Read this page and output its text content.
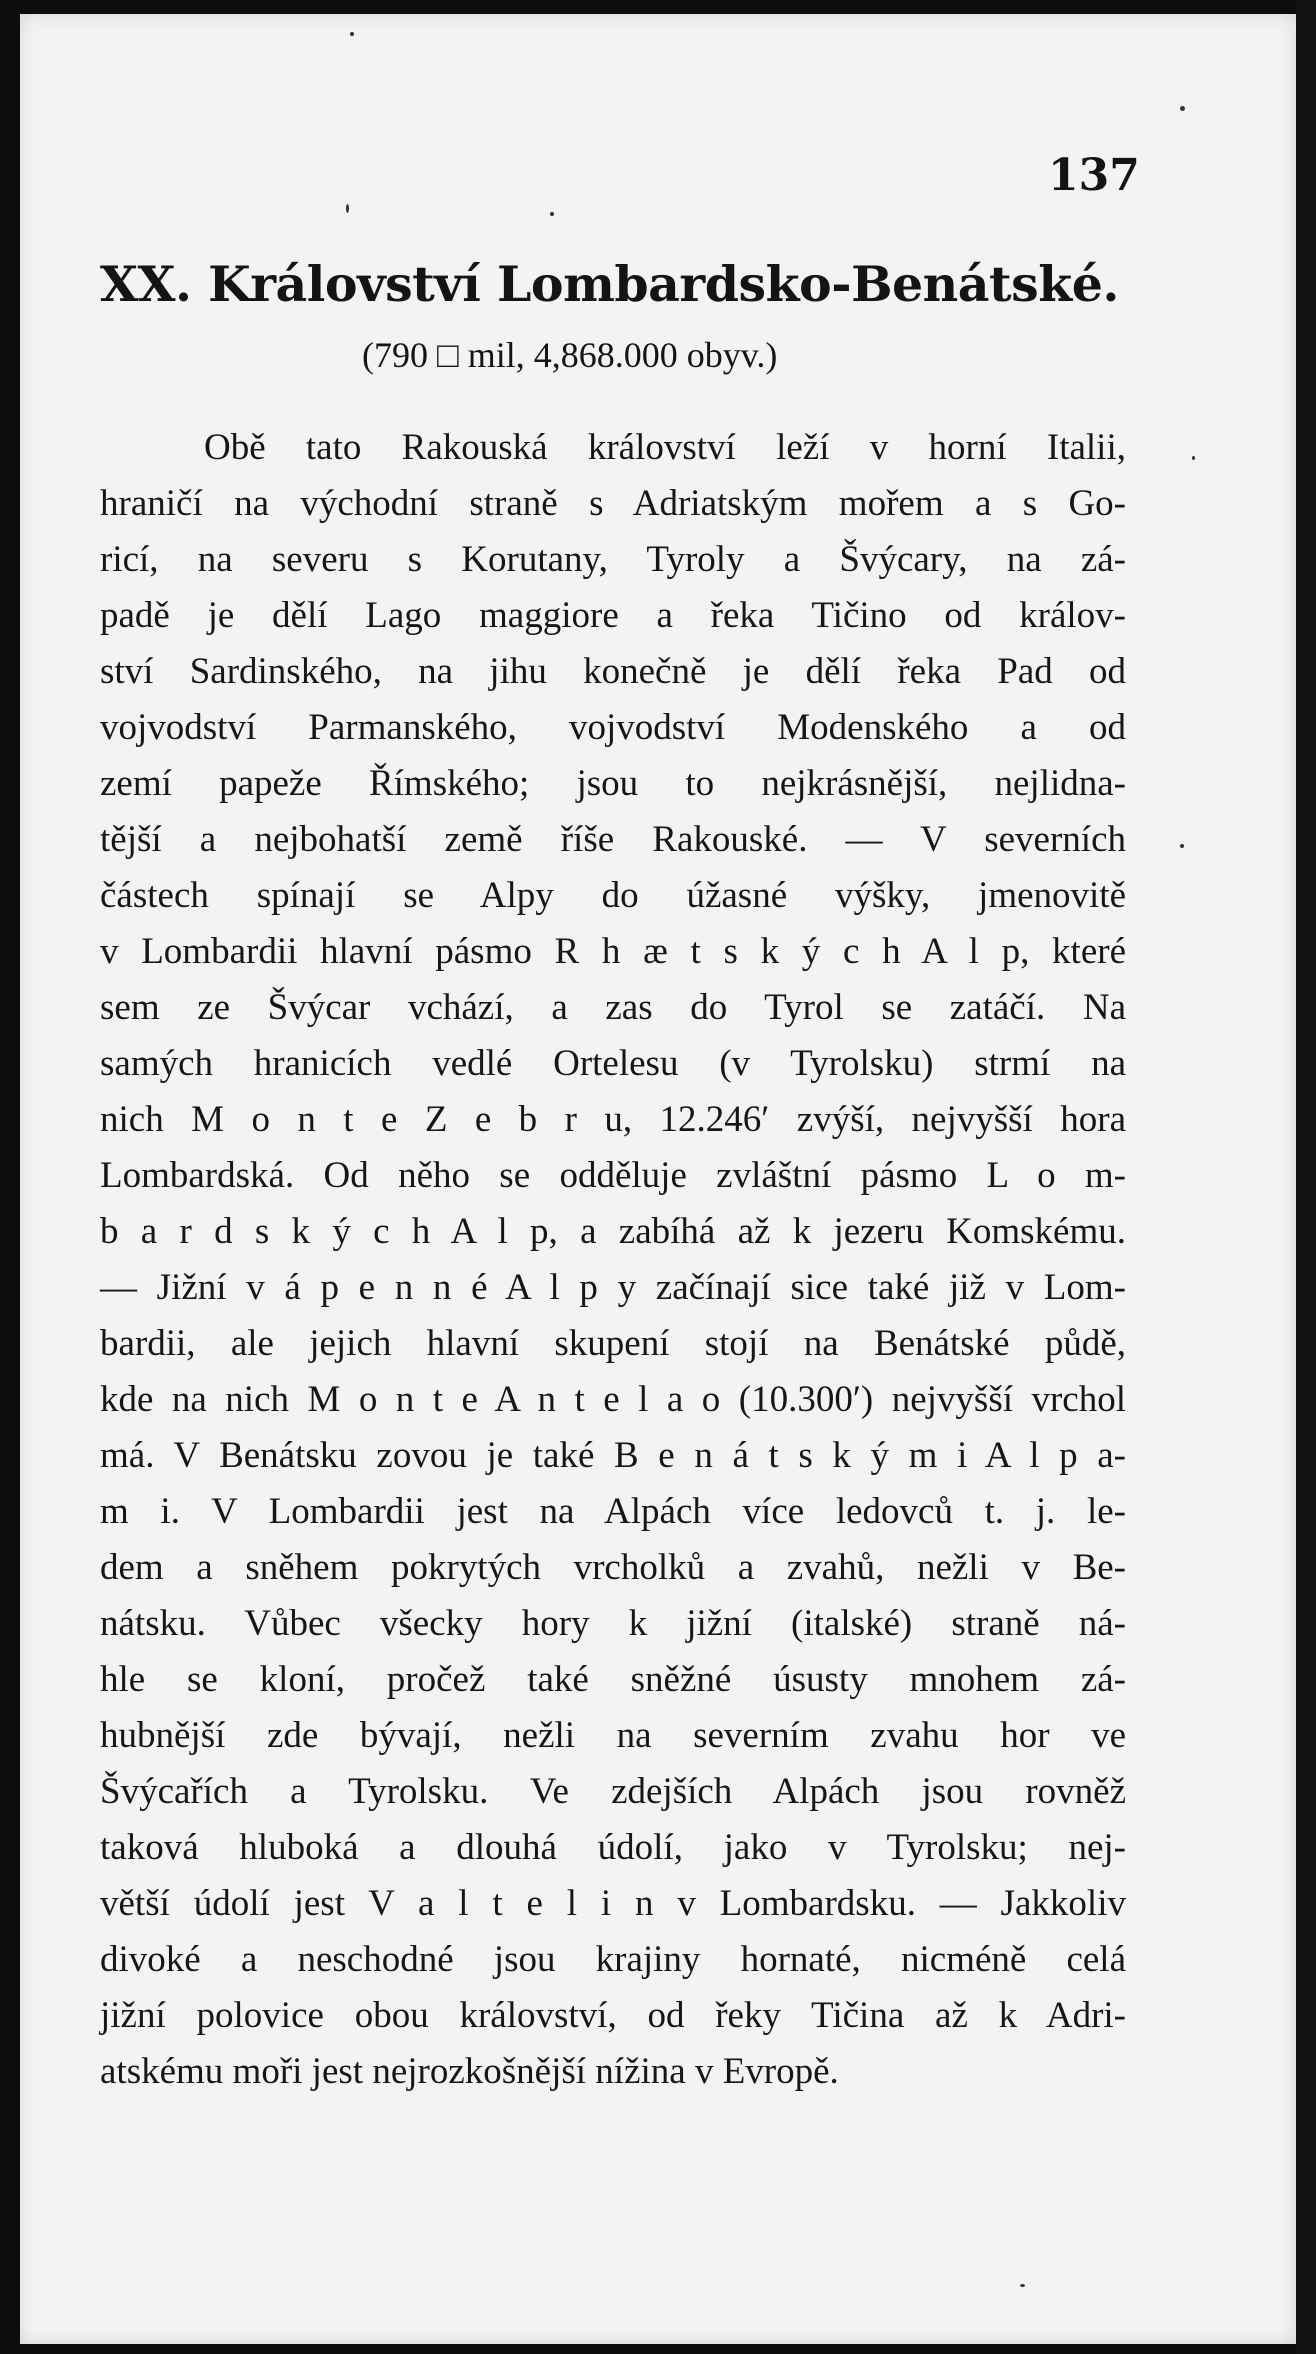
137
XX. Království Lombardsko-Benátské.
(790 □ mil, 4,868.000 obyv.)
Obě tato Rakouská království leží v horní Italii,
hraničí na východní straně s Adriatským mořem a s Go-
ricí, na severu s Korutany, Tyroly a Švýcary, na zá-
padě je dělí Lago maggiore a řeka Tičino od králov-
ství Sardinského, na jihu konečně je dělí řeka Pad od
vojvodství Parmanského, vojvodství Modenského a od
zemí papeže Římského; jsou to nejkrásnější, nejlidna-
tější a nejbohatší země říše Rakouské. — V severních
částech spínají se Alpy do úžasné výšky, jmenovitě
v Lombardii hlavní pásmo R h æ t s k ý c h A l p, které
sem ze Švýcar vchází, a zas do Tyrol se zatáčí. Na
samých hranicích vedlé Ortelesu (v Tyrolsku) strmí na
nich M o n t e Z e b r u, 12.246′ zvýší, nejvyšší hora
Lombardská. Od něho se odděluje zvláštní pásmo L o m-
b a r d s k ý c h A l p, a zabíhá až k jezeru Komskému.
— Jižní v á p e n n é A l p y začínají sice také již v Lom-
bardii, ale jejich hlavní skupení stojí na Benátské půdě,
kde na nich M o n t e A n t e l a o (10.300′) nejvyšší vrchol
má. V Benátsku zovou je také B e n á t s k ý m i A l p a-
m i. V Lombardii jest na Alpách více ledovců t. j. le-
dem a sněhem pokrytých vrcholků a zvahů, nežli v Be-
nátsku. Vůbec všecky hory k jižní (italské) straně ná-
hle se kloní, pročež také sněžné úsusty mnohem zá-
hubnější zde bývají, nežli na severním zvahu hor ve
Švýcařích a Tyrolsku. Ve zdejších Alpách jsou rovněž
taková hluboká a dlouhá údolí, jako v Tyrolsku; nej-
větší údolí jest V a l t e l i n v Lombardsku. — Jakkoliv
divoké a neschodné jsou krajiny hornaté, nicméně celá
jižní polovice obou království, od řeky Tičina až k Adri-
atskému moři jest nejrozkošnější nížina v Evropě.
